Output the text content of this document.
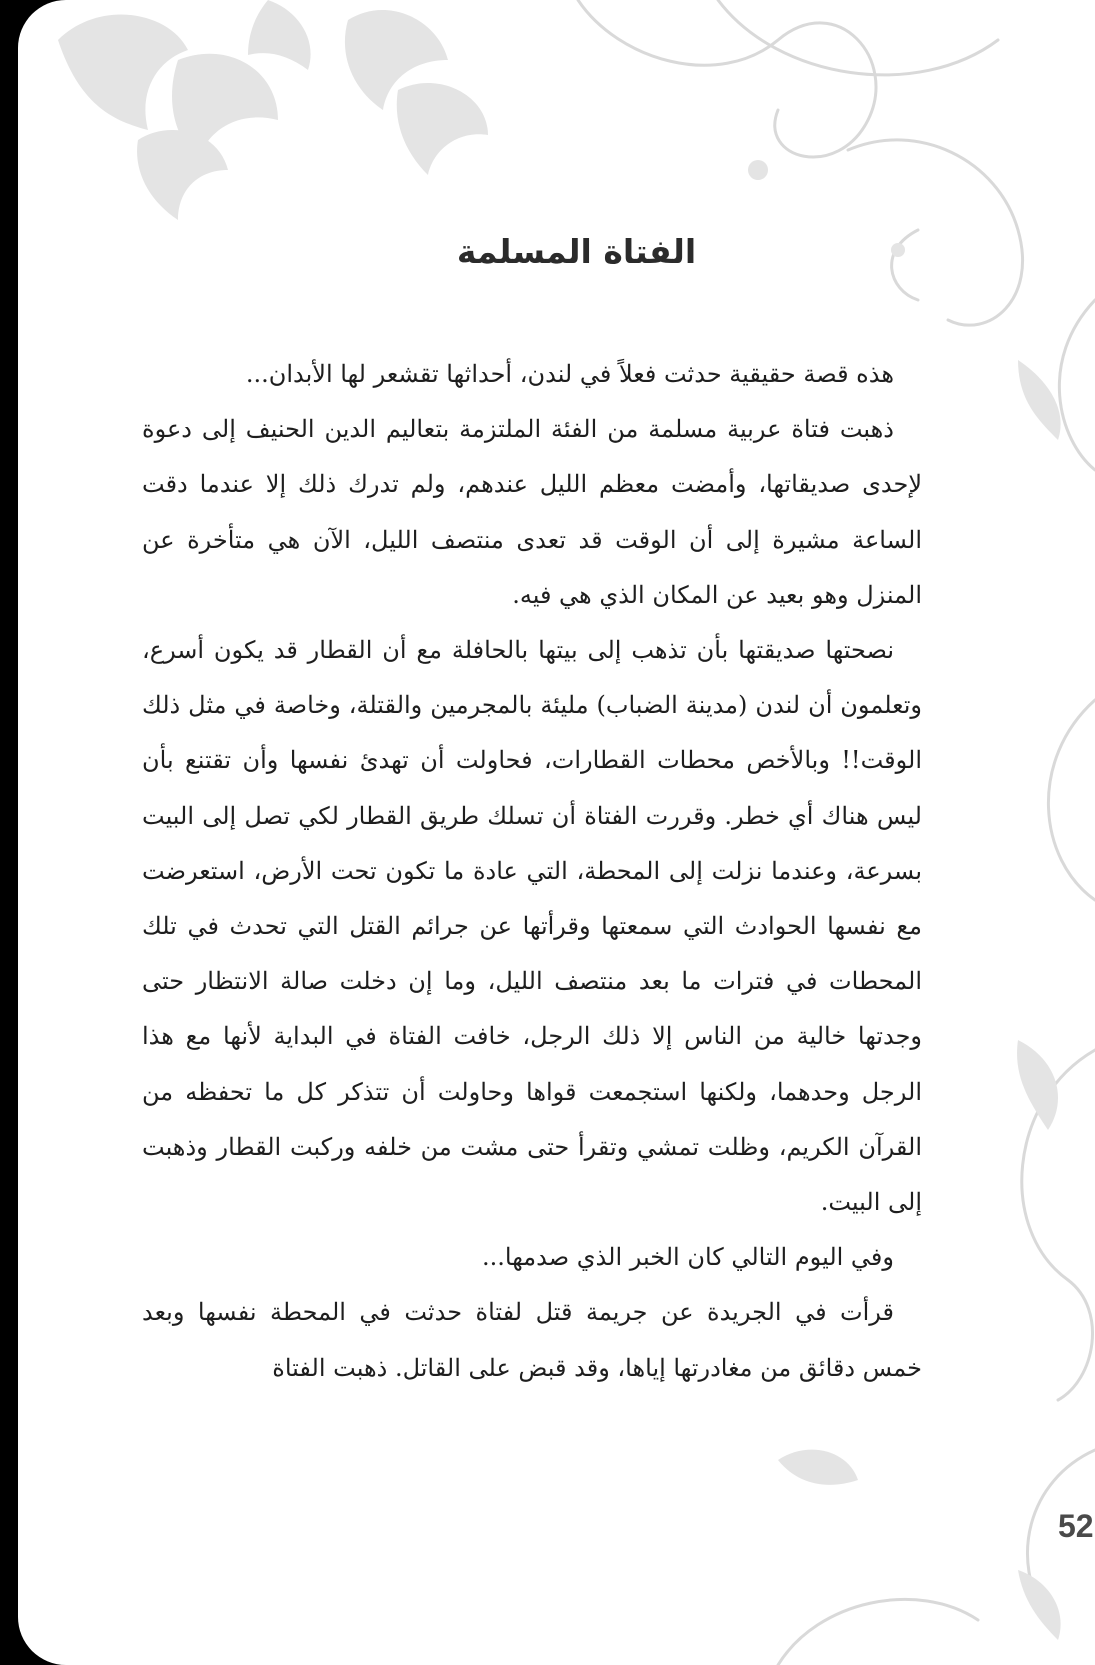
الفتاة المسلمة

هذه قصة حقيقية حدثت فعلاً في لندن، أحداثها تقشعر لها الأبدان...

ذهبت فتاة عربية مسلمة من الفئة الملتزمة بتعاليم الدين الحنيف إلى دعوة لإحدى صديقاتها، وأمضت معظم الليل عندهم، ولم تدرك ذلك إلا عندما دقت الساعة مشيرة إلى أن الوقت قد تعدى منتصف الليل، الآن هي متأخرة عن المنزل وهو بعيد عن المكان الذي هي فيه.

نصحتها صديقتها بأن تذهب إلى بيتها بالحافلة مع أن القطار قد يكون أسرع، وتعلمون أن لندن (مدينة الضباب) مليئة بالمجرمين والقتلة، وخاصة في مثل ذلك الوقت!! وبالأخص محطات القطارات، فحاولت أن تهدئ نفسها وأن تقتنع بأن ليس هناك أي خطر. وقررت الفتاة أن تسلك طريق القطار لكي تصل إلى البيت بسرعة، وعندما نزلت إلى المحطة، التي عادة ما تكون تحت الأرض، استعرضت مع نفسها الحوادث التي سمعتها وقرأتها عن جرائم القتل التي تحدث في تلك المحطات في فترات ما بعد منتصف الليل، وما إن دخلت صالة الانتظار حتى وجدتها خالية من الناس إلا ذلك الرجل، خافت الفتاة في البداية لأنها مع هذا الرجل وحدهما، ولكنها استجمعت قواها وحاولت أن تتذكر كل ما تحفظه من القرآن الكريم، وظلت تمشي وتقرأ حتى مشت من خلفه وركبت القطار وذهبت إلى البيت.

وفي اليوم التالي كان الخبر الذي صدمها...

قرأت في الجريدة عن جريمة قتل لفتاة حدثت في المحطة نفسها وبعد خمس دقائق من مغادرتها إياها، وقد قبض على القاتل. ذهبت الفتاة

52
